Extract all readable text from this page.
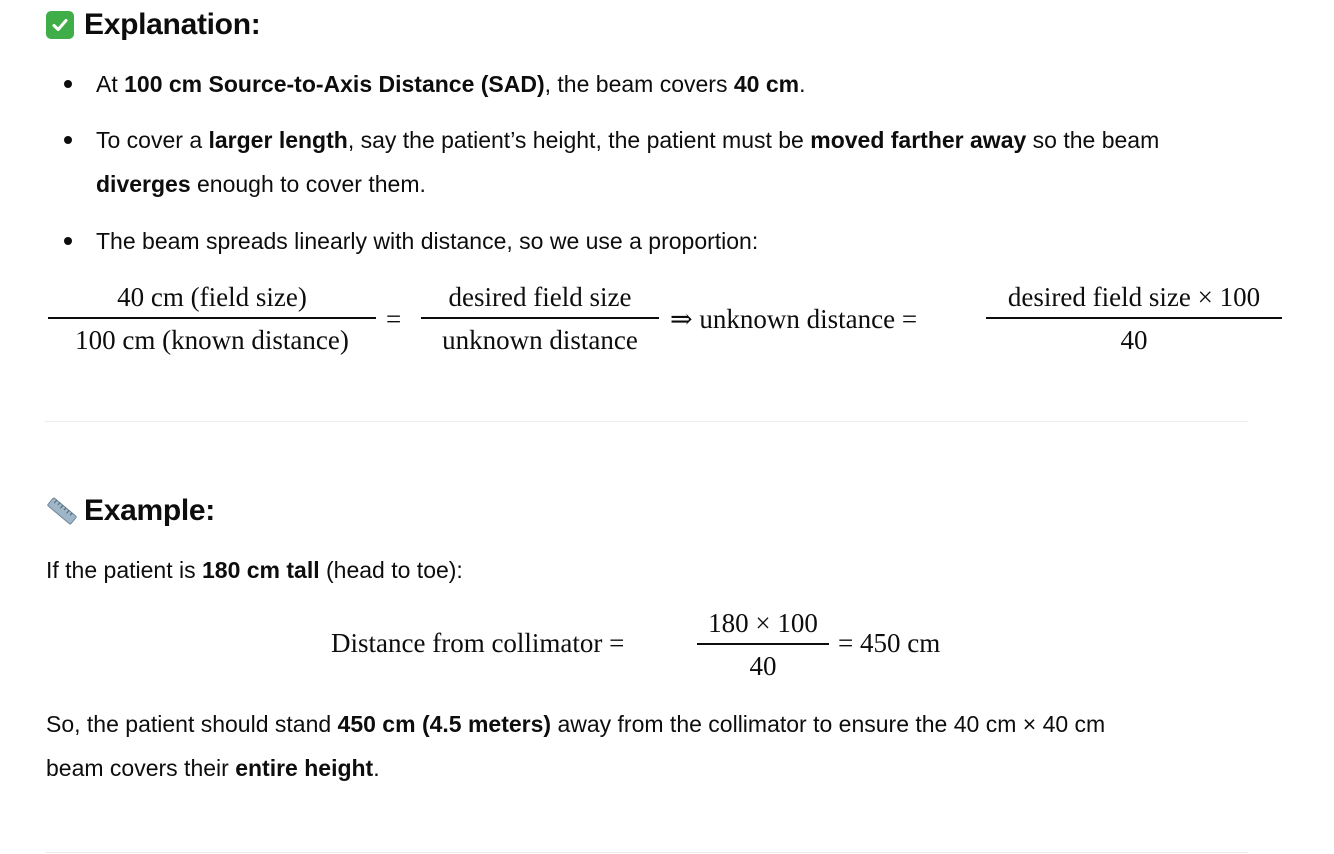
Explanation:
At 100 cm Source-to-Axis Distance (SAD), the beam covers 40 cm.
To cover a larger length, say the patient’s height, the patient must be moved farther away so the beam
diverges enough to cover them.
The beam spreads linearly with distance, so we use a proportion:
40 cm (field size)
100 cm (known distance)
=
desired field size
unknown distance
⇒ unknown distance =
desired field size × 100
40
Example:
If the patient is 180 cm tall (head to toe):
Distance from collimator =
180 × 100
40
= 450 cm
So, the patient should stand 450 cm (4.5 meters) away from the collimator to ensure the 40 cm × 40 cm
beam covers their entire height.
